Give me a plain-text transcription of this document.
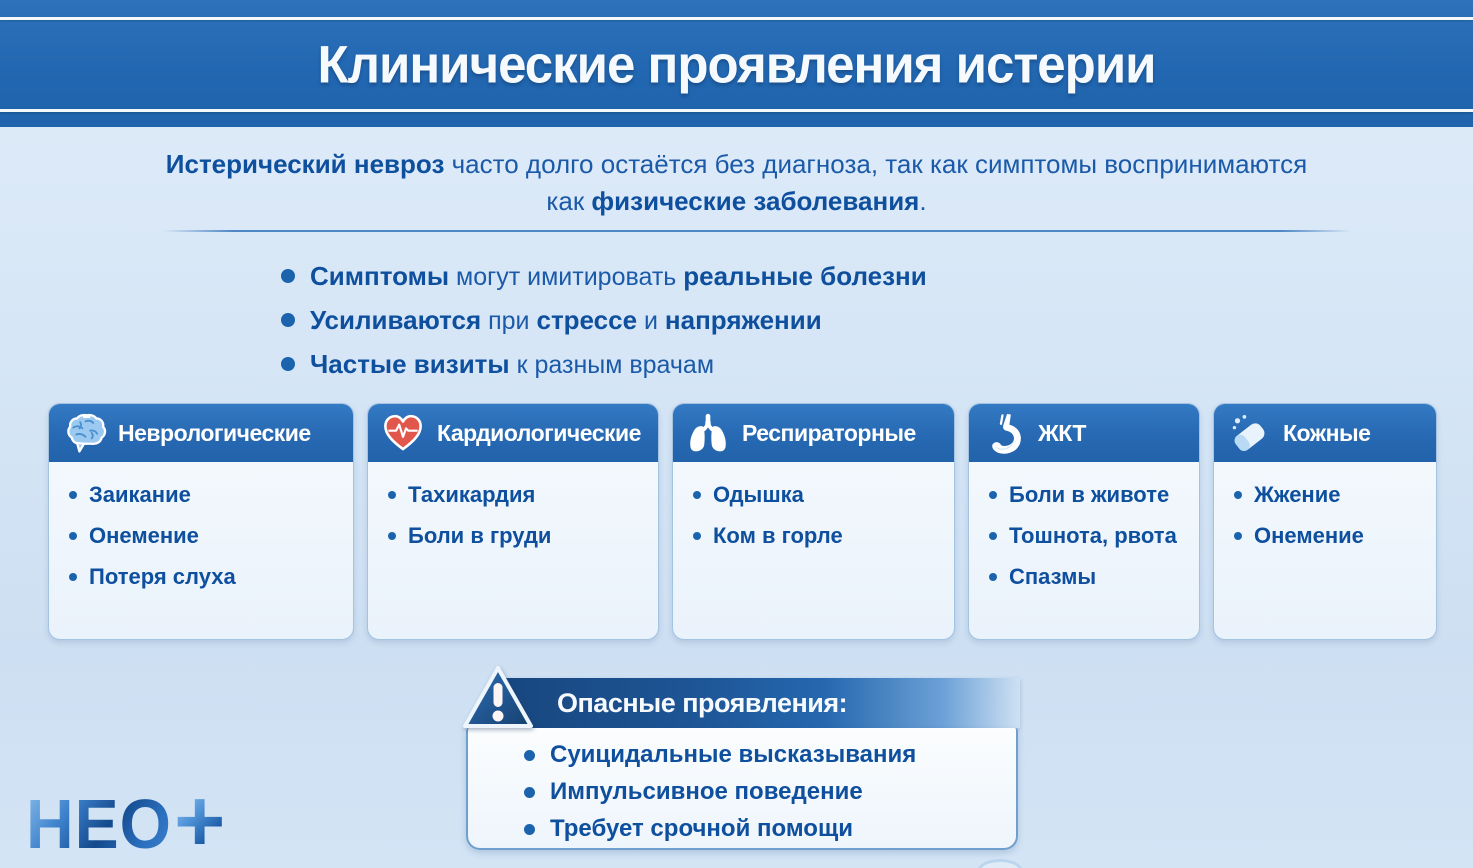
Клинические проявления истерии

Истерический невроз часто долго остаётся без диагноза, так как симптомы воспринимаются как физические заболевания.

Симптомы могут имитировать реальные болезни

Усиливаются при стрессе и напряжении

Частые визиты к разным врачам

Неврологические
Заикание
Онемение
Потеря слуха
Кардиологические
Тахикардия
Боли в груди
Респираторные
Одышка
Ком в горле
ЖКТ
Боли в животе
Тошнота, рвота
Спазмы
Кожные
Жжение
Онемение
Опасные проявления:
Суицидальные высказывания
Импульсивное поведение
Требует срочной помощи
НЕО +
